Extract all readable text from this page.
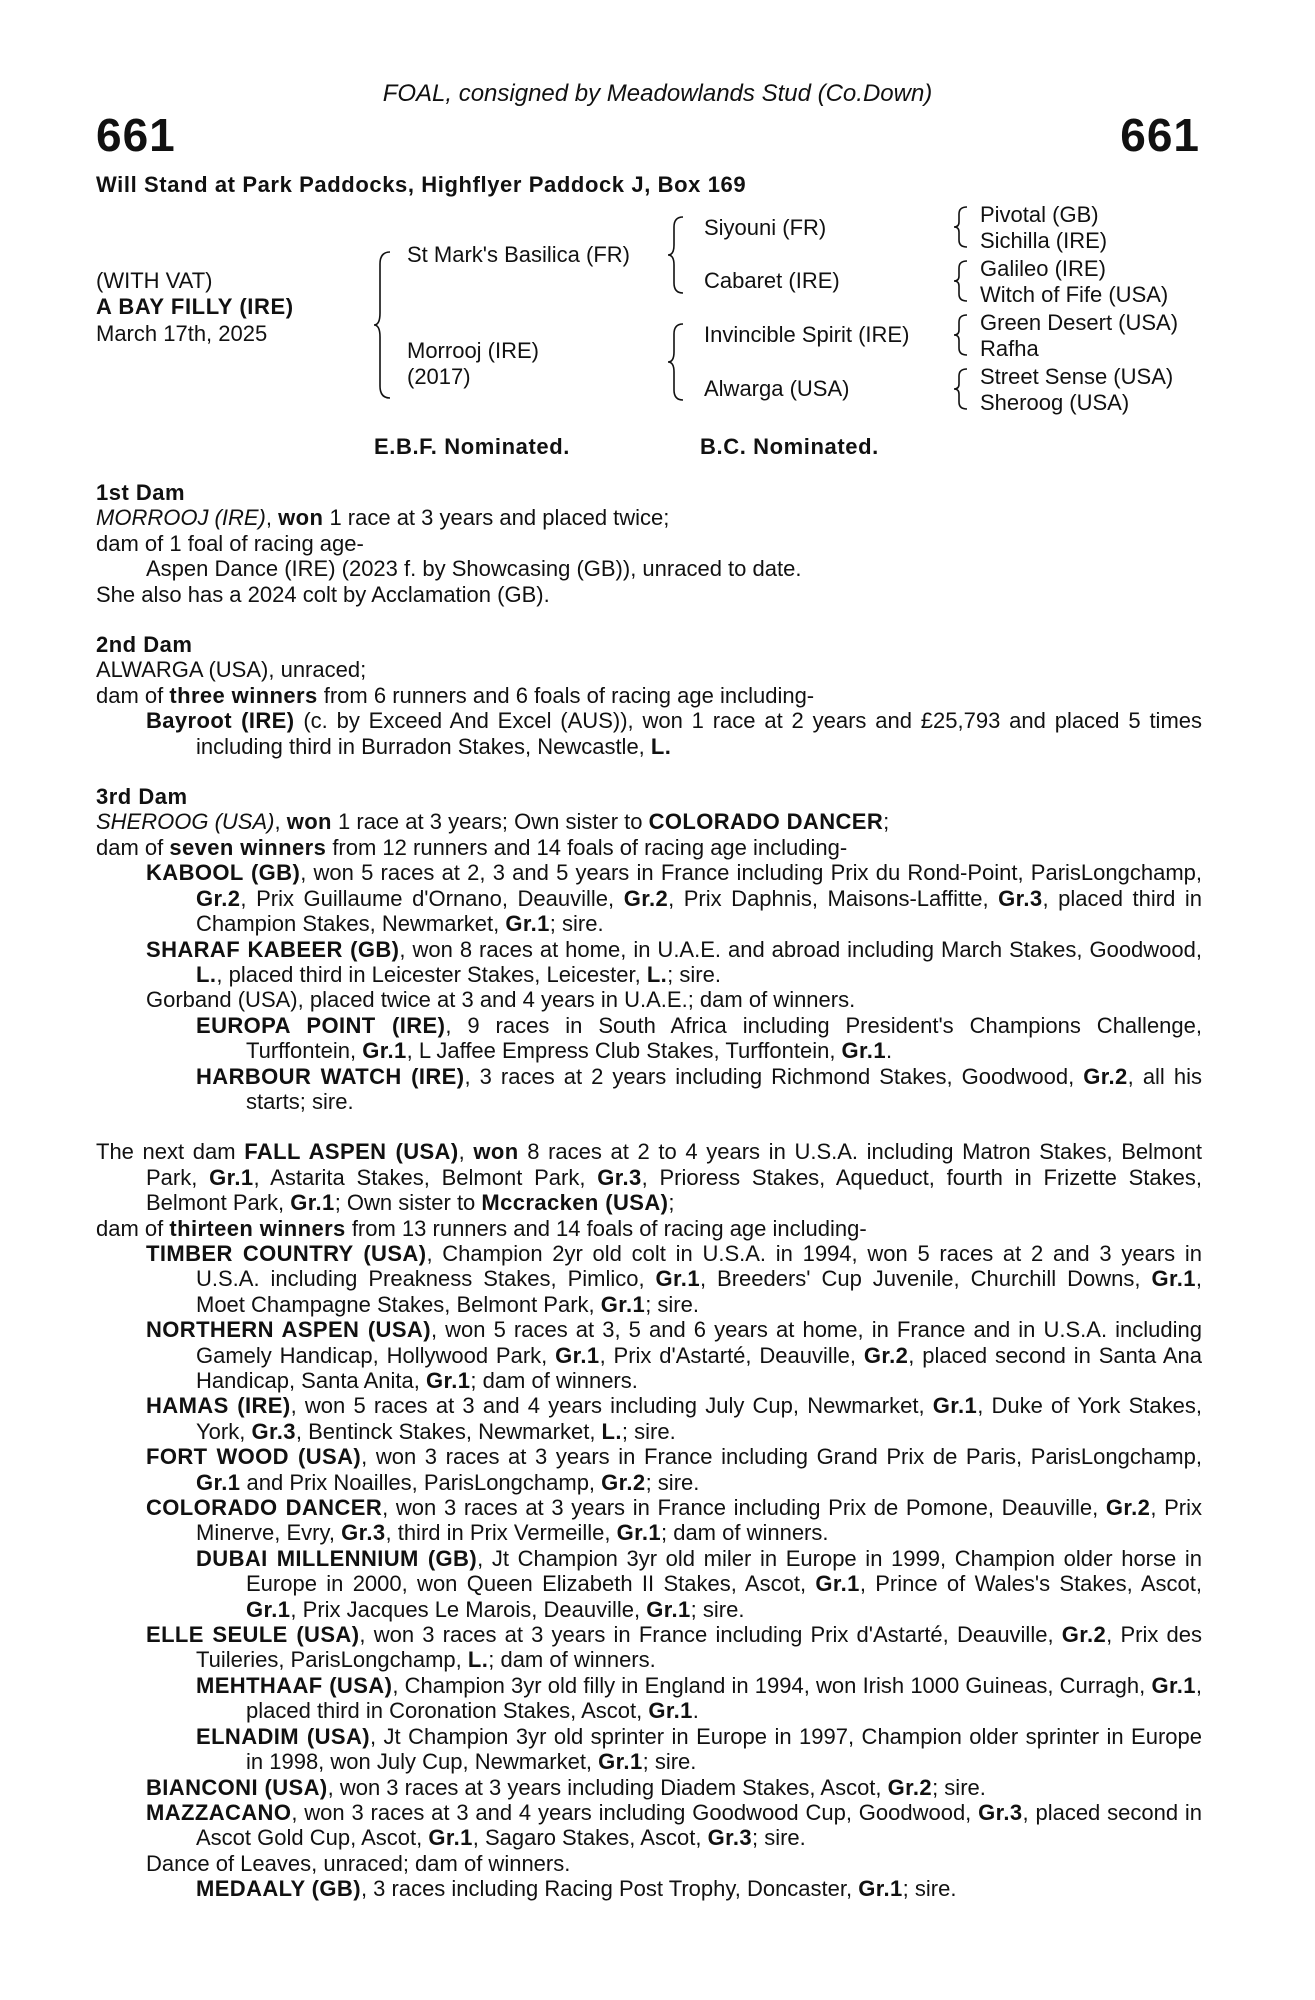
FOAL, consigned by Meadowlands Stud (Co.Down)
661	661
Will Stand at Park Paddocks, Highflyer Paddock J, Box 169
(WITH VAT)
A BAY FILLY (IRE)
March 17th, 2025
St Mark's Basilica (FR)
Morrooj (IRE)
(2017)
Siyouni (FR)
Cabaret (IRE)
Invincible Spirit (IRE)
Alwarga (USA)
Pivotal (GB)
Sichilla (IRE)
Galileo (IRE)
Witch of Fife (USA)
Green Desert (USA)
Rafha
Street Sense (USA)
Sheroog (USA)
E.B.F. Nominated.	B.C. Nominated.
1st Dam

MORROOJ (IRE), won 1 race at 3 years and placed twice;

dam of 1 foal of racing age-

Aspen Dance (IRE) (2023 f. by Showcasing (GB)), unraced to date.

She also has a 2024 colt by Acclamation (GB).

2nd Dam

ALWARGA (USA), unraced;

dam of three winners from 6 runners and 6 foals of racing age including-

Bayroot (IRE) (c. by Exceed And Excel (AUS)), won 1 race at 2 years and £25,793 and placed 5 times including third in Burradon Stakes, Newcastle, L.

3rd Dam

SHEROOG (USA), won 1 race at 3 years; Own sister to COLORADO DANCER;

dam of seven winners from 12 runners and 14 foals of racing age including-

KABOOL (GB), won 5 races at 2, 3 and 5 years in France including Prix du Rond-Point, ParisLongchamp, Gr.2, Prix Guillaume d'Ornano, Deauville, Gr.2, Prix Daphnis, Maisons-Laffitte, Gr.3, placed third in Champion Stakes, Newmarket, Gr.1; sire.

SHARAF KABEER (GB), won 8 races at home, in U.A.E. and abroad including March Stakes, Goodwood, L., placed third in Leicester Stakes, Leicester, L.; sire.

Gorband (USA), placed twice at 3 and 4 years in U.A.E.; dam of winners.

EUROPA POINT (IRE), 9 races in South Africa including President's Champions Challenge, Turffontein, Gr.1, L Jaffee Empress Club Stakes, Turffontein, Gr.1.

HARBOUR WATCH (IRE), 3 races at 2 years including Richmond Stakes, Goodwood, Gr.2, all his starts; sire.

The next dam FALL ASPEN (USA), won 8 races at 2 to 4 years in U.S.A. including Matron Stakes, Belmont Park, Gr.1, Astarita Stakes, Belmont Park, Gr.3, Prioress Stakes, Aqueduct, fourth in Frizette Stakes, Belmont Park, Gr.1; Own sister to Mccracken (USA);

dam of thirteen winners from 13 runners and 14 foals of racing age including-

TIMBER COUNTRY (USA), Champion 2yr old colt in U.S.A. in 1994, won 5 races at 2 and 3 years in U.S.A. including Preakness Stakes, Pimlico, Gr.1, Breeders' Cup Juvenile, Churchill Downs, Gr.1, Moet Champagne Stakes, Belmont Park, Gr.1; sire.

NORTHERN ASPEN (USA), won 5 races at 3, 5 and 6 years at home, in France and in U.S.A. including Gamely Handicap, Hollywood Park, Gr.1, Prix d'Astarté, Deauville, Gr.2, placed second in Santa Ana Handicap, Santa Anita, Gr.1; dam of winners.

HAMAS (IRE), won 5 races at 3 and 4 years including July Cup, Newmarket, Gr.1, Duke of York Stakes, York, Gr.3, Bentinck Stakes, Newmarket, L.; sire.

FORT WOOD (USA), won 3 races at 3 years in France including Grand Prix de Paris, ParisLongchamp, Gr.1 and Prix Noailles, ParisLongchamp, Gr.2; sire.

COLORADO DANCER, won 3 races at 3 years in France including Prix de Pomone, Deauville, Gr.2, Prix Minerve, Evry, Gr.3, third in Prix Vermeille, Gr.1; dam of winners.

DUBAI MILLENNIUM (GB), Jt Champion 3yr old miler in Europe in 1999, Champion older horse in Europe in 2000, won Queen Elizabeth II Stakes, Ascot, Gr.1, Prince of Wales's Stakes, Ascot, Gr.1, Prix Jacques Le Marois, Deauville, Gr.1; sire.

ELLE SEULE (USA), won 3 races at 3 years in France including Prix d'Astarté, Deauville, Gr.2, Prix des Tuileries, ParisLongchamp, L.; dam of winners.

MEHTHAAF (USA), Champion 3yr old filly in England in 1994, won Irish 1000 Guineas, Curragh, Gr.1, placed third in Coronation Stakes, Ascot, Gr.1.

ELNADIM (USA), Jt Champion 3yr old sprinter in Europe in 1997, Champion older sprinter in Europe in 1998, won July Cup, Newmarket, Gr.1; sire.

BIANCONI (USA), won 3 races at 3 years including Diadem Stakes, Ascot, Gr.2; sire.

MAZZACANO, won 3 races at 3 and 4 years including Goodwood Cup, Goodwood, Gr.3, placed second in Ascot Gold Cup, Ascot, Gr.1, Sagaro Stakes, Ascot, Gr.3; sire.

Dance of Leaves, unraced; dam of winners.

MEDAALY (GB), 3 races including Racing Post Trophy, Doncaster, Gr.1; sire.
